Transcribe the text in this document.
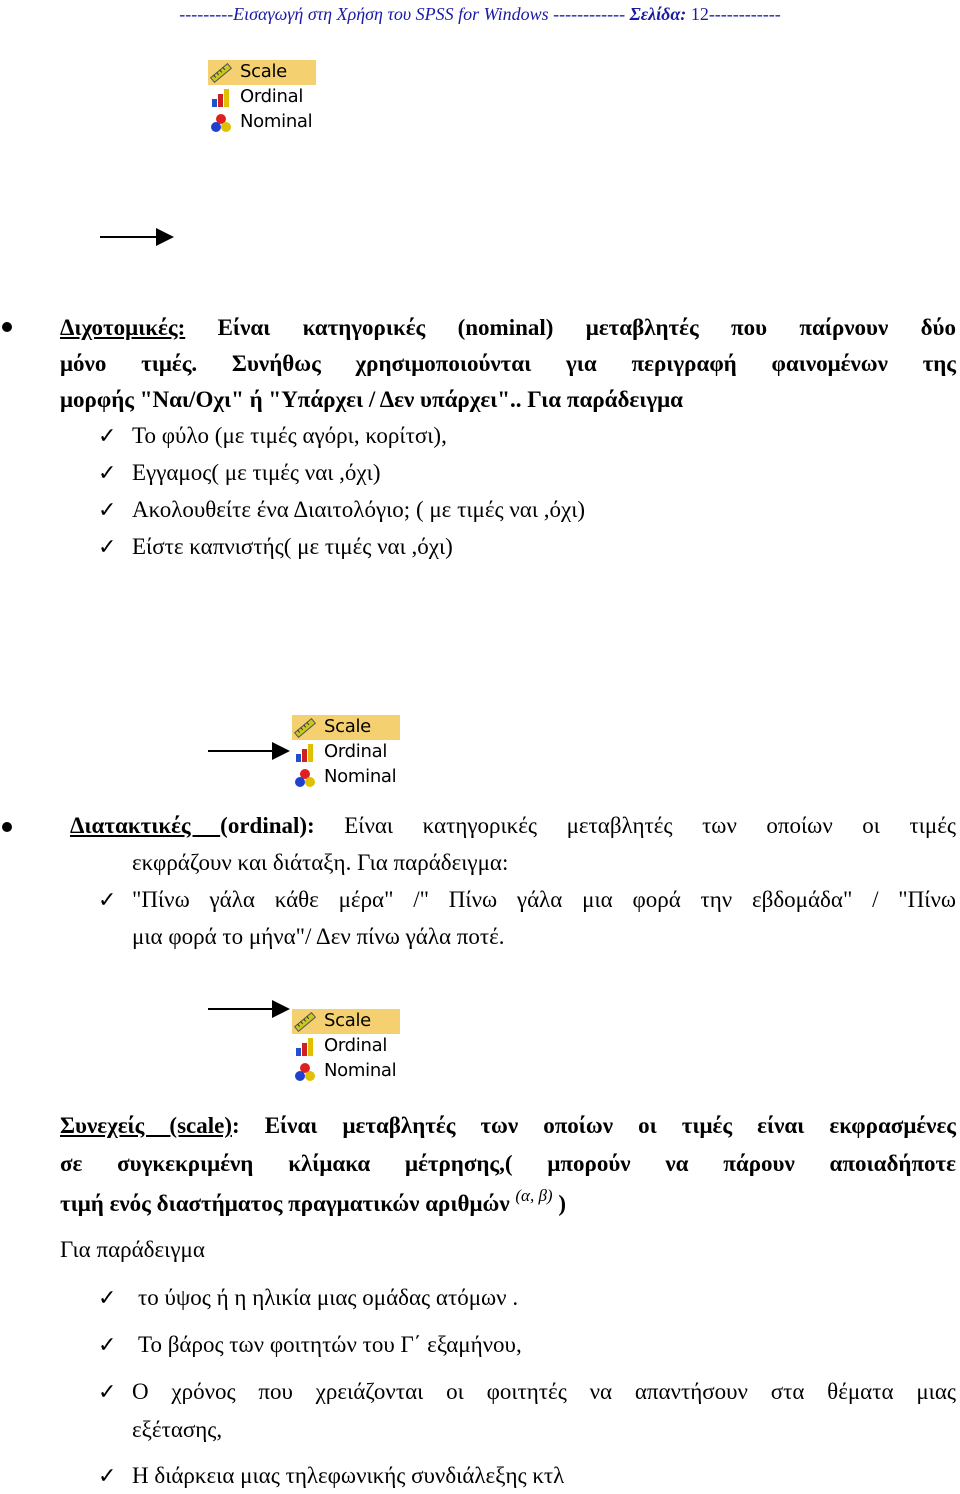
---------Εισαγωγή στη Χρήση του SPSS for Windows ------------ Σελίδα: 12------------
Scale
Ordinal
Nominal
Διχοτομικές: Είναι κατηγορικές (nominal) μεταβλητές που παίρνουν δύο
μόνο τιμές. Συνήθως χρησιμοποιούνται για περιγραφή φαινομένων της
μορφής "Ναι/Οχι" ή "Υπάρχει / Δεν υπάρχει".. Για παράδειγμα
✓ Το φύλο (με τιμές αγόρι, κορίτσι),
✓ Εγγαμος( με τιμές ναι ,όχι)
✓ Ακολουθείτε ένα Διαιτολόγιο; ( με τιμές ναι ,όχι)
✓ Είστε καπνιστής( με τιμές ναι ,όχι)
Scale
Ordinal
Nominal
Διατακτικές (ordinal): Είναι κατηγορικές μεταβλητές των οποίων οι τιμές
εκφράζουν και διάταξη. Για παράδειγμα:
✓ "Πίνω γάλα κάθε μέρα" /" Πίνω γάλα μια φορά την εβδομάδα" / "Πίνω
μια φορά το μήνα"/ Δεν πίνω γάλα ποτέ.
Scale
Ordinal
Nominal
Συνεχείς (scale): Είναι μεταβλητές των οποίων οι τιμές είναι εκφρασμένες
σε συγκεκριμένη κλίμακα μέτρησης,( μπορούν να πάρουν αποιαδήποτε
τιμή ενός διαστήματος πραγματικών αριθμών $^{(\alpha, \beta)}$ )
Για παράδειγμα
✓ το ύψος ή η ηλικία μιας ομάδας ατόμων .
✓ Το βάρος των φοιτητών του Γ΄ εξαμήνου,
✓ Ο χρόνος που χρειάζονται οι φοιτητές να απαντήσουν στα θέματα μιας
εξέτασης,
✓ Η διάρκεια μιας τηλεφωνικής συνδιάλεξης κτλ
